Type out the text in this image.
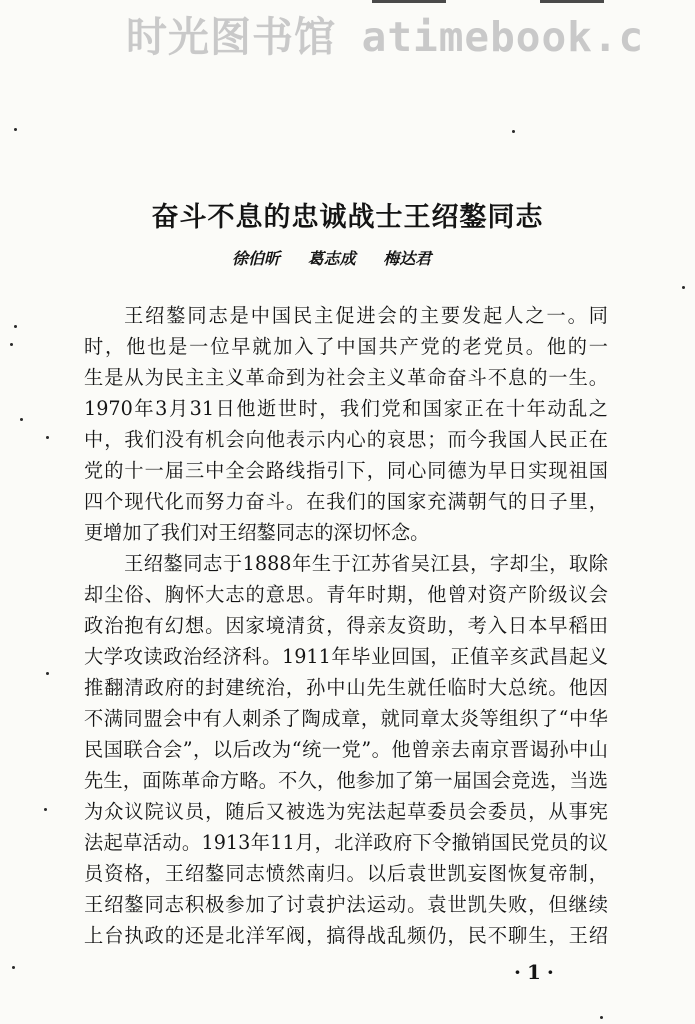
时光图书馆 atimebook.c
奋斗不息的忠诚战士王绍鏊同志
徐伯昕 葛志成 梅达君
王绍鏊同志是中国民主促进会的主要发起人之一。同
时，他也是一位早就加入了中国共产党的老党员。他的一
生是从为民主主义革命到为社会主义革命奋斗不息的一生。
1970年3月31日他逝世时，我们党和国家正在十年动乱之
中，我们没有机会向他表示内心的哀思；而今我国人民正在
党的十一届三中全会路线指引下，同心同德为早日实现祖国
四个现代化而努力奋斗。在我们的国家充满朝气的日子里，
更增加了我们对王绍鏊同志的深切怀念。
王绍鏊同志于1888年生于江苏省吴江县，字却尘，取除
却尘俗、胸怀大志的意思。青年时期，他曾对资产阶级议会
政治抱有幻想。因家境清贫，得亲友资助，考入日本早稻田
大学攻读政治经济科。1911年毕业回国，正值辛亥武昌起义
推翻清政府的封建统治，孙中山先生就任临时大总统。他因
不满同盟会中有人刺杀了陶成章，就同章太炎等组织了“中华
民国联合会”，以后改为“统一党”。他曾亲去南京晋谒孙中山
先生，面陈革命方略。不久，他参加了第一届国会竞选，当选
为众议院议员，随后又被选为宪法起草委员会委员，从事宪
法起草活动。1913年11月，北洋政府下令撤销国民党员的议
员资格，王绍鏊同志愤然南归。以后袁世凯妄图恢复帝制，
王绍鏊同志积极参加了讨袁护法运动。袁世凯失败，但继续
上台执政的还是北洋军阀，搞得战乱频仍，民不聊生，王绍
·1·
